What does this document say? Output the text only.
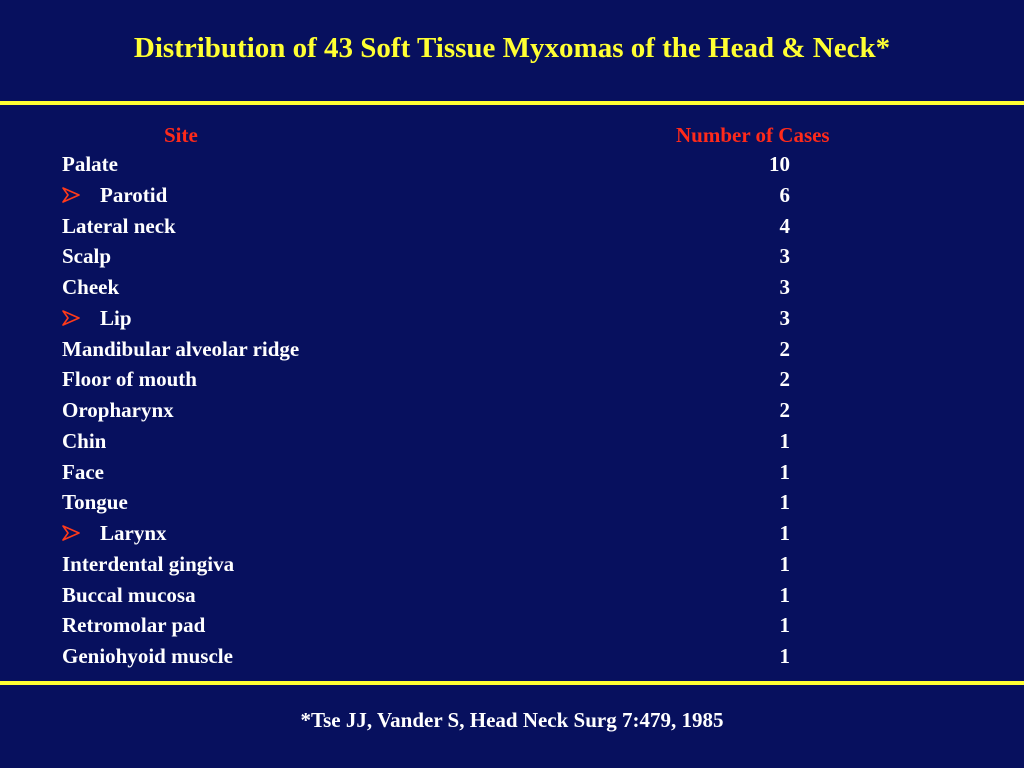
Distribution of 43 Soft Tissue Myxomas of the Head & Neck*
Site	Number of Cases
Palate	10
Parotid	6
Lateral neck	4
Scalp	3
Cheek	3
Lip	3
Mandibular alveolar ridge	2
Floor of mouth	2
Oropharynx	2
Chin	1
Face	1
Tongue	1
Larynx	1
Interdental gingiva	1
Buccal mucosa	1
Retromolar pad	1
Geniohyoid muscle	1
*Tse JJ, Vander S, Head Neck Surg 7:479, 1985
